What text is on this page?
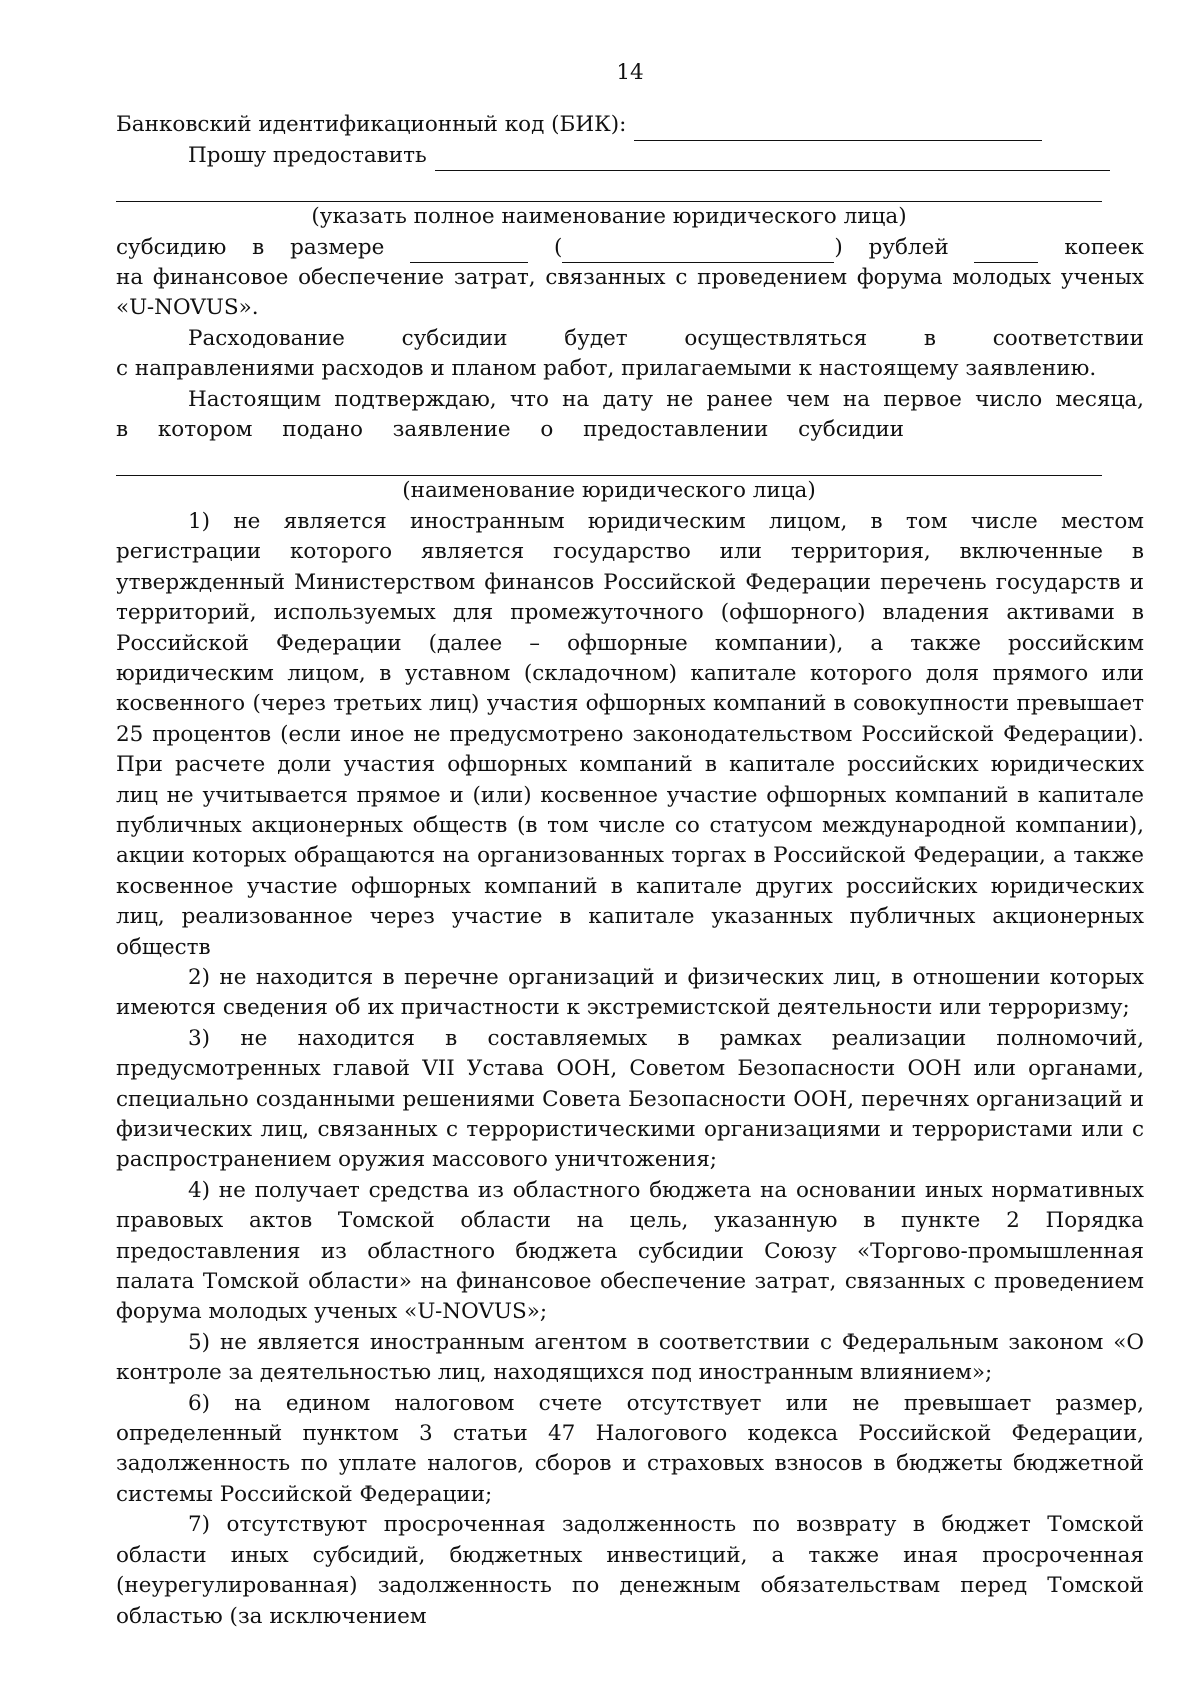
14
Банковский идентификационный код (БИК):
Прошу предоставить
(указать полное наименование юридического лица)
субсидию в размере	(	) рублей	копеек

на финансовое обеспечение затрат, связанных с проведением форума молодых ученых «U-NOVUS».

Расходование субсидии будет осуществляться в соответствии
с направлениями расходов и планом работ, прилагаемыми к настоящему заявлению.
Настоящим подтверждаю, что на дату не ранее чем на первое число месяца,
в котором подано заявление о предоставлении субсидии
(наименование юридического лица)

1) не является иностранным юридическим лицом, в том числе местом регистрации которого является государство или территория, включенные в утвержденный Министерством финансов Российской Федерации перечень государств и территорий, используемых для промежуточного (офшорного) владения активами в Российской Федерации (далее – офшорные компании), а также российским юридическим лицом, в уставном (складочном) капитале которого доля прямого или косвенного (через третьих лиц) участия офшорных компаний в совокупности превышает 25 процентов (если иное не предусмотрено законодательством Российской Федерации). При расчете доли участия офшорных компаний в капитале российских юридических лиц не учитывается прямое и (или) косвенное участие офшорных компаний в капитале публичных акционерных обществ (в том числе со статусом международной компании), акции которых обращаются на организованных торгах в Российской Федерации, а также косвенное участие офшорных компаний в капитале других российских юридических лиц, реализованное через участие в капитале указанных публичных акционерных обществ

2) не находится в перечне организаций и физических лиц, в отношении которых имеются сведения об их причастности к экстремистской деятельности или терроризму;

3) не находится в составляемых в рамках реализации полномочий, предусмотренных главой VII Устава ООН, Советом Безопасности ООН или органами, специально созданными решениями Совета Безопасности ООН, перечнях организаций и физических лиц, связанных с террористическими организациями и террористами или с распространением оружия массового уничтожения;

4) не получает средства из областного бюджета на основании иных нормативных правовых актов Томской области на цель, указанную в пункте 2 Порядка предоставления из областного бюджета субсидии Союзу «Торгово-промышленная палата Томской области» на финансовое обеспечение затрат, связанных с проведением форума молодых ученых «U-NOVUS»;

5) не является иностранным агентом в соответствии с Федеральным законом «О контроле за деятельностью лиц, находящихся под иностранным влиянием»;

6) на едином налоговом счете отсутствует или не превышает размер, определенный пунктом 3 статьи 47 Налогового кодекса Российской Федерации, задолженность по уплате налогов, сборов и страховых взносов в бюджеты бюджетной системы Российской Федерации;

7) отсутствуют просроченная задолженность по возврату в бюджет Томской области иных субсидий, бюджетных инвестиций, а также иная просроченная (неурегулированная) задолженность по денежным обязательствам перед Томской областью (за исключением
